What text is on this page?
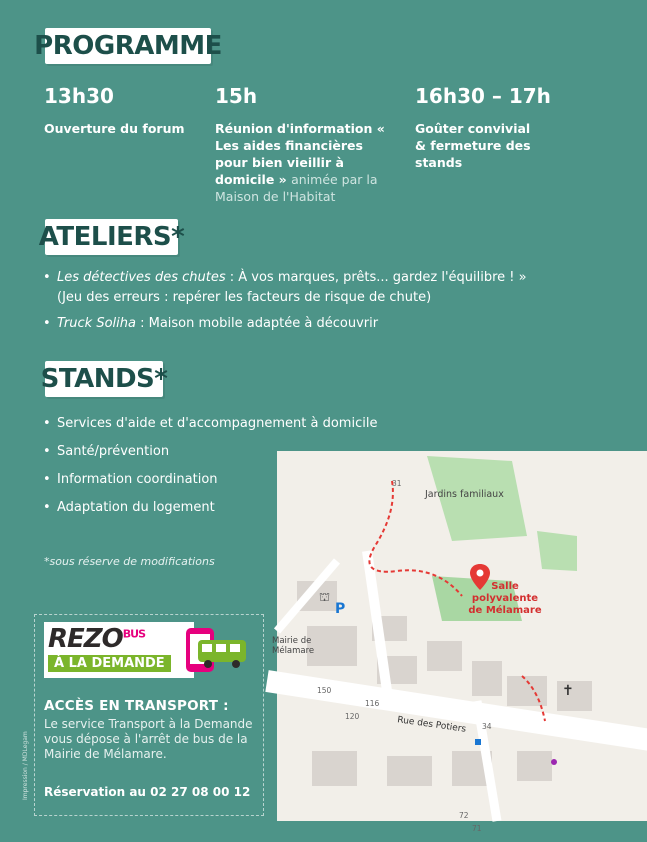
PROGRAMME
13h30
Ouverture du forum
15h
Réunion d'information « Les aides financières pour bien vieillir à domicile » animée par la Maison de l'Habitat
16h30 – 17h
Goûter convivial & fermeture des stands
ATELIERS*
• Les détectives des chutes : À vos marques, prêts... gardez l'équilibre ! »
(Jeu des erreurs : repérer les facteurs de risque de chute)
• Truck Soliha : Maison mobile adaptée à découvrir
✝
⛫
Jardins familiaux
Salle
polyvalente
de Mélamare
Mairie de
Mélamare
P
Rue des Potiers
31
150
116
120
34
72
71
STANDS*
• Services d'aide et d'accompagnement à domicile
• Santé/prévention
• Information coordination
• Adaptation du logement
*sous réserve de modifications
$REZO^{BUS}$
À LA DEMANDE
ACCÈS EN TRANSPORT :
Le service Transport à la Demande vous dépose à l'arrêt de bus de la Mairie de Mélamare.
Réservation au 02 27 08 00 12
Impression / MDLegam
